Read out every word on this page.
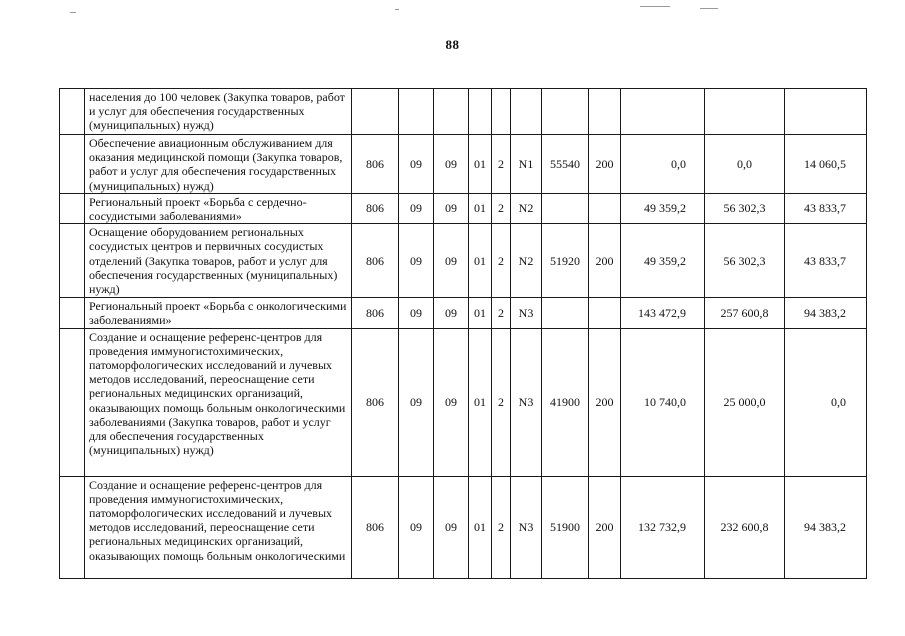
88
	населения до 100 человек (Закупка товаров, работ и услуг для обеспечения государственных (муниципальных) нужд)											
	Обеспечение авиационным обслуживанием для оказания медицинской помощи (Закупка товаров, работ и услуг для обеспечения государственных (муниципальных) нужд)	806	09	09	01	2	N1	55540	200	0,0	0,0	14 060,5
	Региональный проект «Борьба с сердечно-сосудистыми заболеваниями»	806	09	09	01	2	N2			49 359,2	56 302,3	43 833,7
	Оснащение оборудованием региональных сосудистых центров и первичных сосудистых отделений (Закупка товаров, работ и услуг для обеспечения государственных (муниципальных) нужд)	806	09	09	01	2	N2	51920	200	49 359,2	56 302,3	43 833,7
	Региональный проект «Борьба с онкологическими заболеваниями»	806	09	09	01	2	N3			143 472,9	257 600,8	94 383,2
	Создание и оснащение референс-центров для проведения иммуногистохимических, патоморфологических исследований и лучевых методов исследований, переоснащение сети региональных медицинских организаций, оказывающих помощь больным онкологическими заболеваниями (Закупка товаров, работ и услуг для обеспечения государственных (муниципальных) нужд)	806	09	09	01	2	N3	41900	200	10 740,0	25 000,0	0,0
	Создание и оснащение референс-центров для проведения иммуногистохимических, патоморфологических исследований и лучевых методов исследований, переоснащение сети региональных медицинских организаций, оказывающих помощь больным онкологическими	806	09	09	01	2	N3	51900	200	132 732,9	232 600,8	94 383,2
